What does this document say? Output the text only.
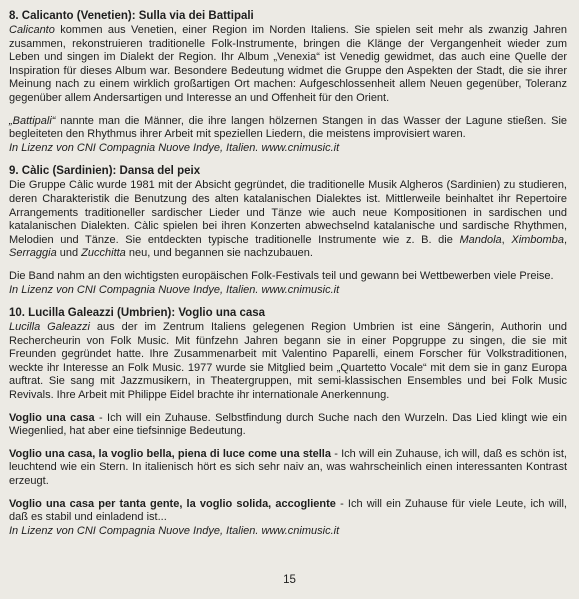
8. Calicanto (Venetien): Sulla via dei Battipali

Calicanto kommen aus Venetien, einer Region im Norden Italiens. Sie spielen seit mehr als zwanzig Jahren zusammen, rekonstruieren traditionelle Folk-Instrumente, bringen die Klänge der Vergangenheit wieder zum Leben und singen im Dialekt der Region. Ihr Album „Venexia“ ist Venedig gewidmet, das auch eine Quelle der Inspiration für dieses Album war. Besondere Bedeutung widmet die Gruppe den Aspekten der Stadt, die sie ihrer Meinung nach zu einem wirklich großartigen Ort machen: Aufgeschlossenheit allem Neuen gegenüber, Toleranz gegenüber allem Andersartigen und Interesse an und Offenheit für den Orient.

„Battipali“ nannte man die Männer, die ihre langen hölzernen Stangen in das Wasser der Lagune stießen. Sie begleiteten den Rhythmus ihrer Arbeit mit speziellen Liedern, die meistens improvisiert waren.

In Lizenz von CNI Compagnia Nuove Indye, Italien. www.cnimusic.it

9. Càlic (Sardinien): Dansa del peix

Die Gruppe Càlic wurde 1981 mit der Absicht gegründet, die traditionelle Musik Algheros (Sardinien) zu studieren, deren Charakteristik die Benutzung des alten katalanischen Dialektes ist. Mittlerweile beinhaltet ihr Repertoire Arrangements traditioneller sardischer Lieder und Tänze wie auch neue Kompositionen in sardischen und katalanischen Dialekten. Càlic spielen bei ihren Konzerten abwechselnd katalanische und sardische Rhythmen, Melodien und Tänze. Sie entdeckten typische traditionelle Instrumente wie z. B. die Mandola, Ximbomba, Serraggia und Zucchitta neu, und begannen sie nachzubauen.

Die Band nahm an den wichtigsten europäischen Folk-Festivals teil und gewann bei Wettbewerben viele Preise.

In Lizenz von CNI Compagnia Nuove Indye, Italien. www.cnimusic.it

10. Lucilla Galeazzi (Umbrien): Voglio una casa

Lucilla Galeazzi aus der im Zentrum Italiens gelegenen Region Umbrien ist eine Sängerin, Authorin und Rechercheurin von Folk Music. Mit fünfzehn Jahren begann sie in einer Popgruppe zu singen, die sie mit Freunden gegründet hatte. Ihre Zusammenarbeit mit Valentino Paparelli, einem Forscher für Volkstraditionen, weckte ihr Interesse an Folk Music. 1977 wurde sie Mitglied beim „Quartetto Vocale“ mit dem sie in ganz Europa auftrat. Sie sang mit Jazzmusikern, in Theatergruppen, mit semi-klassischen Ensembles und bei Folk Music Revivals. Ihre Arbeit mit Philippe Eidel brachte ihr internationale Anerkennung.

Voglio una casa - Ich will ein Zuhause. Selbstfindung durch Suche nach den Wurzeln. Das Lied klingt wie ein Wiegenlied, hat aber eine tiefsinnige Bedeutung.

Voglio una casa, la voglio bella, piena di luce come una stella - Ich will ein Zuhause, ich will, daß es schön ist, leuchtend wie ein Stern. In italienisch hört es sich sehr naiv an, was wahrscheinlich einen interessanten Kontrast erzeugt.

Voglio una casa per tanta gente, la voglio solida, accogliente - Ich will ein Zuhause für viele Leute, ich will, daß es stabil und einladend ist...

In Lizenz von CNI Compagnia Nuove Indye, Italien. www.cnimusic.it

15
